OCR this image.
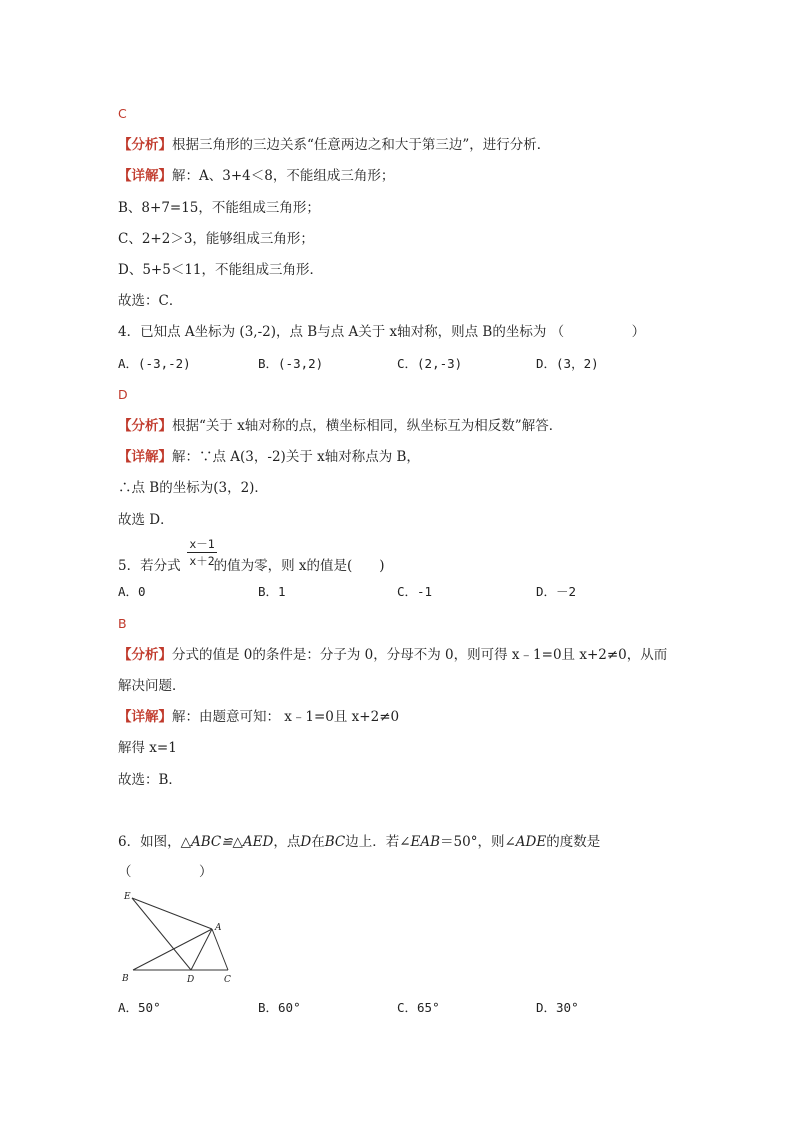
C
【分析】根据三角形的三边关系“任意两边之和大于第三边”，进行分析．
【详解】解：A、3+4＜8，不能组成三角形；
B、8+7=15，不能组成三角形；
C、2+2＞3，能够组成三角形；
D、5+5＜11，不能组成三角形．
故选：C．
4．已知点 A坐标为 (3,-2)，点 B与点 A关于 x轴对称，则点 B的坐标为 （　　　　　）
A．(-3,-2)	B．(-3,2)	C．(2,-3)	D．(3，2)
D
【分析】根据“关于 x轴对称的点，横坐标相同，纵坐标互为相反数”解答．
【详解】解：∵点 A(3，-2)关于 x轴对称点为 B，
∴点 B的坐标为(3，2)．
故选 D．
5．若分式 的值为零，则 x的值是(　　)
$\frac{x-1}{x+2}$
A．0	B．1	C．-1	D．－2
B
【分析】分式的值是 0的条件是：分子为 0，分母不为 0，则可得 x﹣1=0且 x+2≠0，从而
解决问题．
【详解】解：由题意可知： x﹣1=0且 x+2≠0
解得 x=1
故选：B．
6．如图，△ABC≌△AED，点D在BC边上．若∠EAB＝50°，则∠ADE的度数是
（　　　　　）
E
A
B	D	C
A．50°	B．60°	C．65°	D．30°
